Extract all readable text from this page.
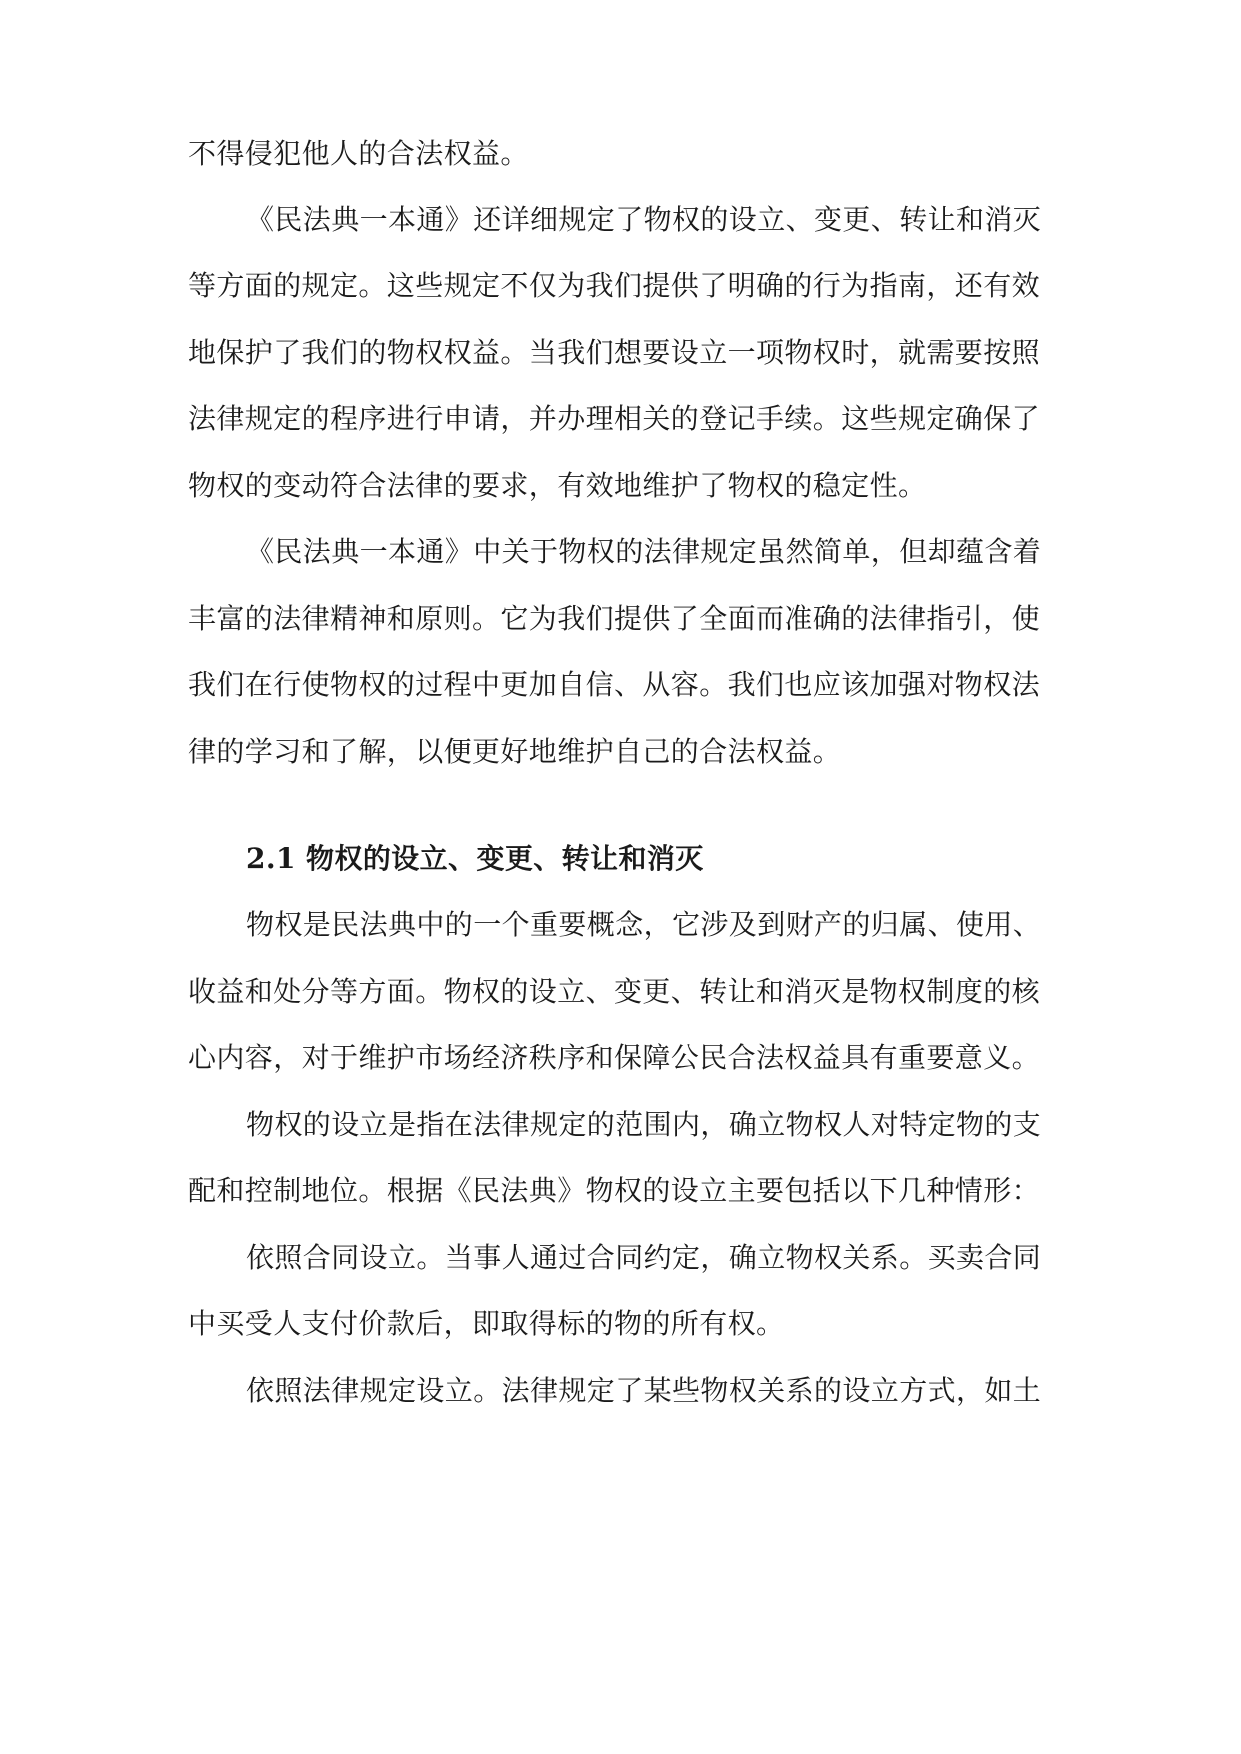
不得侵犯他人的合法权益。

《民法典一本通》还详细规定了物权的设立、变更、转让和消灭

等方面的规定。这些规定不仅为我们提供了明确的行为指南，还有效

地保护了我们的物权权益。当我们想要设立一项物权时，就需要按照

法律规定的程序进行申请，并办理相关的登记手续。这些规定确保了

物权的变动符合法律的要求，有效地维护了物权的稳定性。

《民法典一本通》中关于物权的法律规定虽然简单，但却蕴含着

丰富的法律精神和原则。它为我们提供了全面而准确的法律指引，使

我们在行使物权的过程中更加自信、从容。我们也应该加强对物权法

律的学习和了解，以便更好地维护自己的合法权益。

2.1 物权的设立、变更、转让和消灭

物权是民法典中的一个重要概念，它涉及到财产的归属、使用、

收益和处分等方面。物权的设立、变更、转让和消灭是物权制度的核

心内容，对于维护市场经济秩序和保障公民合法权益具有重要意义。

物权的设立是指在法律规定的范围内，确立物权人对特定物的支

配和控制地位。根据《民法典》物权的设立主要包括以下几种情形：

依照合同设立。当事人通过合同约定，确立物权关系。买卖合同

中买受人支付价款后，即取得标的物的所有权。

依照法律规定设立。法律规定了某些物权关系的设立方式，如土
